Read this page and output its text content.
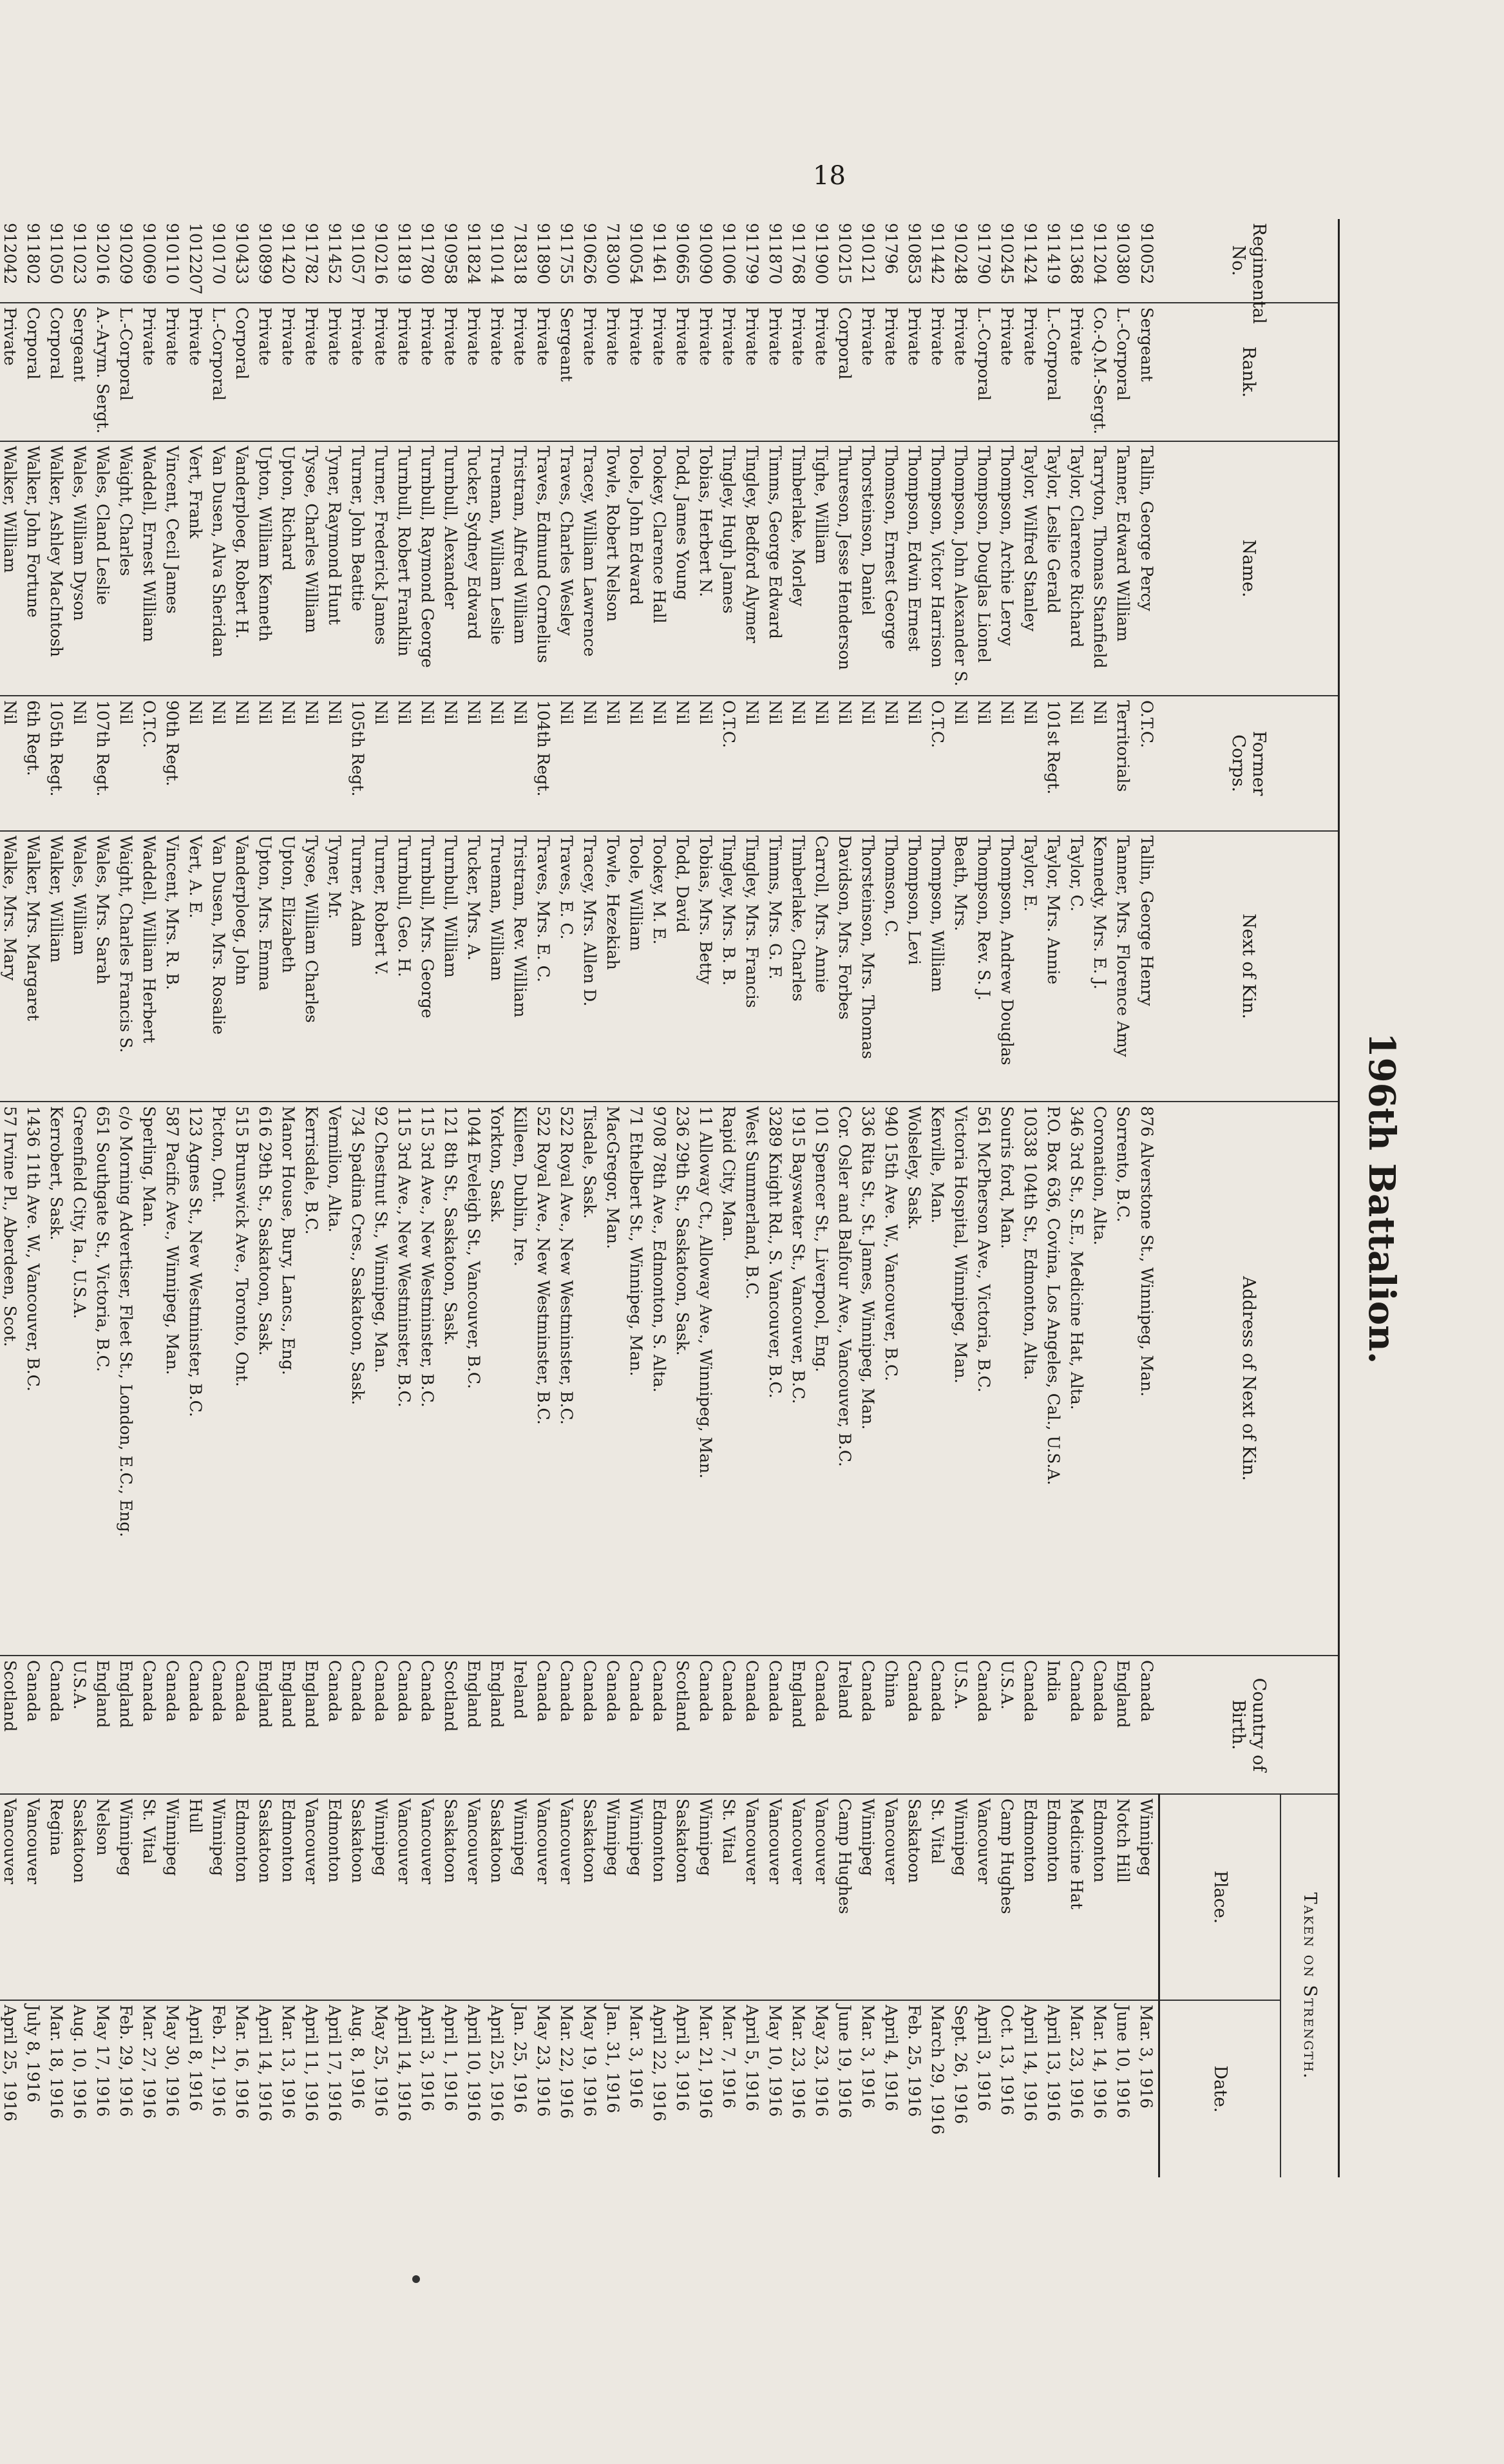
18
196th Battalion.
Regimental No.	Rank.	Name.	Former Corps.	Next of Kin.	Address of Next of Kin.	Country of Birth.	Taken on Strength.	
							Place.	Date.
910052	Sergeant	Tallin, George Percy	O.T.C.	Tallin, George Henry	876 Alverstone St., Winnipeg, Man.	Canada	Winnipeg	Mar. 3, 1916
910380	L.-Corporal	Tanner, Edward William	Territorials	Tanner, Mrs. Florence Amy	Sorrento, B.C.	England	Notch Hill	June 10, 1916
911204	Co.-Q.M.-Sergt.	Tarryton, Thomas Stanfield	Nil	Kennedy, Mrs. E. J.	Coronation, Alta.	Canada	Edmonton	Mar. 14, 1916
911368	Private	Taylor, Clarence Richard	Nil	Taylor, C.	346 3rd St., S.E., Medicine Hat, Alta.	Canada	Medicine Hat	Mar. 23, 1916
911419	L.-Corporal	Taylor, Leslie Gerald	101st Regt.	Taylor, Mrs. Annie	P.O. Box 636, Covina, Los Angeles, Cal., U.S.A.	India	Edmonton	April 13, 1916
911424	Private	Taylor, Wilfred Stanley	Nil	Taylor, E.	10338 104th St., Edmonton, Alta.	Canada	Edmonton	April 14, 1916
910245	Private	Thompson, Archie Leroy	Nil	Thompson, Andrew Douglas	Souris ford, Man.	U.S.A.	Camp Hughes	Oct. 13, 1916
911790	L.-Corporal	Thompson, Douglas Lionel	Nil	Thompson, Rev. S. J.	561 McPherson Ave., Victoria, B.C.	Canada	Vancouver	April 3, 1916
910248	Private	Thompson, John Alexander S.	Nil	Beath, Mrs.	Victoria Hospital, Winnipeg, Man.	U.S.A.	Winnipeg	Sept. 26, 1916
911442	Private	Thompson, Victor Harrison	O.T.C.	Thompson, William	Kenville, Man.	Canada	St. Vital	March 29, 1916
910853	Private	Thompson, Edwin Ernest	Nil	Thompson, Levi	Wolseley, Sask.	Canada	Saskatoon	Feb. 25, 1916
91796	Private	Thomson, Ernest George	Nil	Thomson, C.	940 15th Ave. W., Vancouver, B.C.	China	Vancouver	April 4, 1916
910121	Private	Thorsteinson, Daniel	Nil	Thorsteinson, Mrs. Thomas	336 Rita St., St. James, Winnipeg, Man.	Canada	Winnipeg	Mar. 3, 1916
910215	Corporal	Thureson, Jesse Henderson	Nil	Davidson, Mrs. Forbes	Cor. Osler and Balfour Ave., Vancouver, B.C.	Ireland	Camp Hughes	June 19, 1916
911900	Private	Tighe, William	Nil	Carroll, Mrs. Annie	101 Spencer St., Liverpool, Eng.	Canada	Vancouver	May 23, 1916
911768	Private	Timberlake, Morley	Nil	Timberlake, Charles	1915 Bayswater St., Vancouver, B.C.	England	Vancouver	Mar. 23, 1916
911870	Private	Timms, George Edward	Nil	Timms, Mrs. G. F.	3289 Knight Rd., S. Vancouver, B.C.	Canada	Vancouver	May 10, 1916
911799	Private	Tingley, Bedford Alymer	Nil	Tingley, Mrs. Francis	West Summerland, B.C.	Canada	Vancouver	April 5, 1916
911006	Private	Tingley, Hugh James	O.T.C.	Tingley, Mrs. B. B.	Rapid City, Man.	Canada	St. Vital	Mar. 7, 1916
910090	Private	Tobias, Herbert N.	Nil	Tobias, Mrs. Betty	11 Alloway Ct., Alloway Ave., Winnipeg, Man.	Canada	Winnipeg	Mar. 21, 1916
910665	Private	Todd, James Young	Nil	Todd, David	236 29th St., Saskatoon, Sask.	Scotland	Saskatoon	April 3, 1916
911461	Private	Tookey, Clarence Hall	Nil	Tookey, M. E.	9708 78th Ave., Edmonton, S. Alta.	Canada	Edmonton	April 22, 1916
910054	Private	Toole, John Edward	Nil	Toole, William	71 Ethelbert St., Winnipeg, Man.	Canada	Winnipeg	Mar. 3, 1916
718300	Private	Towle, Robert Nelson	Nil	Towle, Hezekiah	MacGregor, Man.	Canada	Winnipeg	Jan. 31, 1916
910626	Private	Tracey, William Lawrence	Nil	Tracey, Mrs. Allen D.	Tisdale, Sask.	Canada	Saskatoon	May 19, 1916
911755	Sergeant	Traves, Charles Wesley	Nil	Traves, E. C.	522 Royal Ave., New Westminster, B.C.	Canada	Vancouver	Mar. 22, 1916
911890	Private	Traves, Edmund Cornelius	104th Regt.	Traves, Mrs. E. C.	522 Royal Ave., New Westminster, B.C.	Canada	Vancouver	May 23, 1916
718318	Private	Tristram, Alfred William	Nil	Tristram, Rev. William	Killeen, Dublin, Ire.	Ireland	Winnipeg	Jan. 25, 1916
911014	Private	Trueman, William Leslie	Nil	Trueman, William	Yorkton, Sask.	England	Saskatoon	April 25, 1916
911824	Private	Tucker, Sydney Edward	Nil	Tucker, Mrs. A.	1044 Eveleigh St., Vancouver, B.C.	England	Vancouver	April 10, 1916
910958	Private	Turnbull, Alexander	Nil	Turnbull, William	121 8th St., Saskatoon, Sask.	Scotland	Saskatoon	April 1, 1916
911780	Private	Turnbull, Raymond George	Nil	Turnbull, Mrs. George	115 3rd Ave., New Westminster, B.C.	Canada	Vancouver	April 3, 1916
911819	Private	Turnbull, Robert Franklin	Nil	Turnbull, Geo. H.	115 3rd Ave., New Westminster, B.C.	Canada	Vancouver	April 14, 1916
910216	Private	Turner, Frederick James	Nil	Turner, Robert V.	92 Chestnut St., Winnipeg, Man.	Canada	Winnipeg	May 25, 1916
911057	Private	Turner, John Beattie	105th Regt.	Turner, Adam	734 Spadina Cres., Saskatoon, Sask.	Canada	Saskatoon	Aug. 8, 1916
911452	Private	Tyner, Raymond Hunt	Nil	Tyner, Mr.	Vermilion, Alta.	Canada	Edmonton	April 17, 1916
911782	Private	Tysoe, Charles William	Nil	Tysoe, William Charles	Kerrisdale, B.C.	England	Vancouver	April 11, 1916
911420	Private	Upton, Richard	Nil	Upton, Elizabeth	Manor House, Bury, Lancs., Eng.	England	Edmonton	Mar. 13, 1916
910899	Private	Upton, William Kenneth	Nil	Upton, Mrs. Emma	616 29th St., Saskatoon, Sask.	England	Saskatoon	April 14, 1916
910433	Corporal	Vanderploeg, Robert H.	Nil	Vanderploeg, John	515 Brunswick Ave., Toronto, Ont.	Canada	Edmonton	Mar. 16, 1916
910170	L.-Corporal	Van Dusen, Alva Sheridan	Nil	Van Dusen, Mrs. Rosalie	Picton, Ont.	Canada	Winnipeg	Feb. 21, 1916
1012207	Private	Vert, Frank	Nil	Vert, A. E.	123 Agnes St., New Westminster, B.C.	Canada	Hull	April 8, 1916
910110	Private	Vincent, Cecil James	90th Regt.	Vincent, Mrs. R. B.	587 Pacific Ave., Winnipeg, Man.	Canada	Winnipeg	May 30, 1916
910069	Private	Waddell, Ernest William	O.T.C.	Waddell, William Herbert	Sperling, Man.	Canada	St. Vital	Mar. 27, 1916
910209	L.-Corporal	Waight, Charles	Nil	Waight, Charles Francis S.	c/o Morning Advertiser, Fleet St., London, E.C., Eng.	England	Winnipeg	Feb. 29, 1916
912016	A.-Arym. Sergt.	Wales, Cland Leslie	107th Regt.	Wales, Mrs. Sarah	651 Southgate St., Victoria, B.C.	England	Nelson	May 17, 1916
911023	Sergeant	Wales, William Dyson	Nil	Wales, William	Greenfield City, Ia., U.S.A.	U.S.A.	Saskatoon	Aug. 10, 1916
911050	Corporal	Walker, Ashley MacIntosh	105th Regt.	Walker, William	Kerrobert, Sask.	Canada	Regina	Mar. 18, 1916
911802	Corporal	Walker, John Fortune	6th Regt.	Walker, Mrs. Margaret	1436 11th Ave. W., Vancouver, B.C.	Canada	Vancouver	July 8, 1916
912042	Private	Walker, William	Nil	Walke, Mrs. Mary	57 Irvine Pl., Aberdeen, Scot.	Scotland	Vancouver	April 25, 1916
